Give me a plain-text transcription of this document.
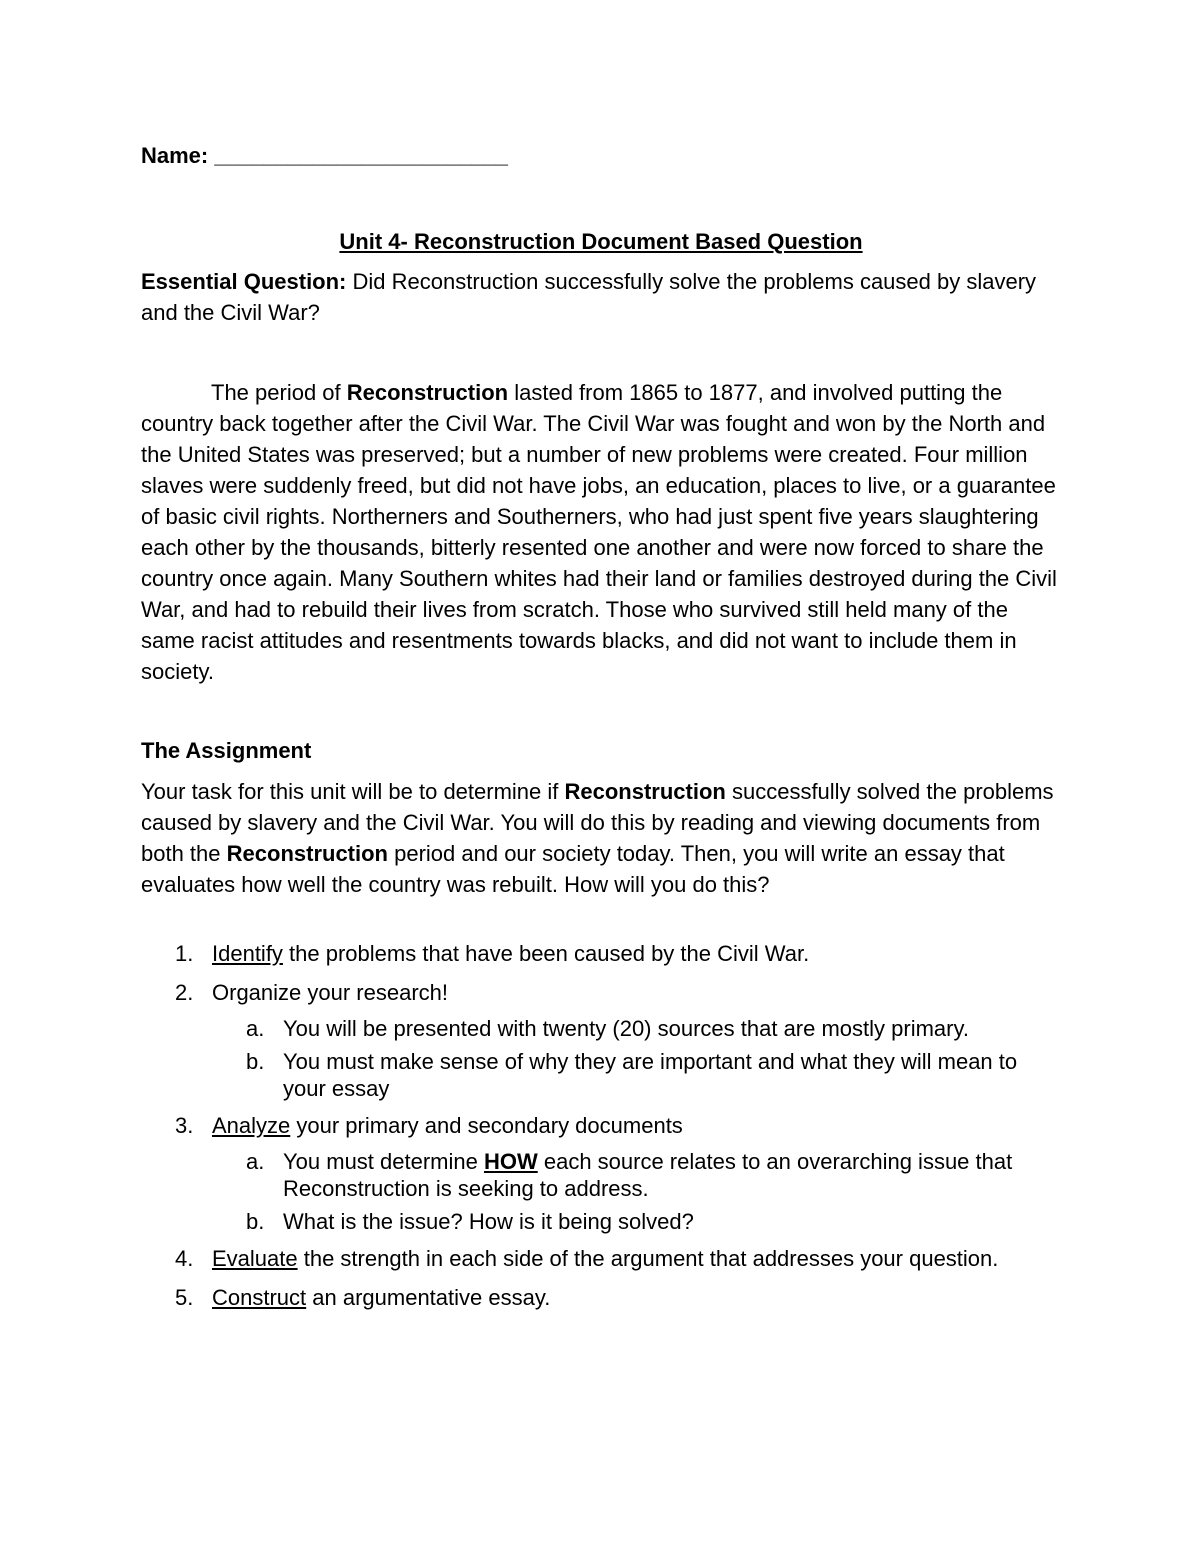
Name: ________________________

Unit 4- Reconstruction Document Based Question

Essential Question: Did Reconstruction successfully solve the problems caused by slavery and the Civil War?

The period of Reconstruction lasted from 1865 to 1877, and involved putting the country back together after the Civil War. The Civil War was fought and won by the North and the United States was preserved; but a number of new problems were created. Four million slaves were suddenly freed, but did not have jobs, an education, places to live, or a guarantee of basic civil rights. Northerners and Southerners, who had just spent five years slaughtering each other by the thousands, bitterly resented one another and were now forced to share the country once again. Many Southern whites had their land or families destroyed during the Civil War, and had to rebuild their lives from scratch. Those who survived still held many of the same racist attitudes and resentments towards blacks, and did not want to include them in society.

The Assignment

Your task for this unit will be to determine if Reconstruction successfully solved the problems caused by slavery and the Civil War. You will do this by reading and viewing documents from both the Reconstruction period and our society today. Then, you will write an essay that evaluates how well the country was rebuilt. How will you do this?

1. Identify the problems that have been caused by the Civil War.
2. Organize your research!
a. You will be presented with twenty (20) sources that are mostly primary.
b. You must make sense of why they are important and what they will mean to your essay
3. Analyze your primary and secondary documents
a. You must determine HOW each source relates to an overarching issue that Reconstruction is seeking to address.
b. What is the issue? How is it being solved?
4. Evaluate the strength in each side of the argument that addresses your question.
5. Construct an argumentative essay.
